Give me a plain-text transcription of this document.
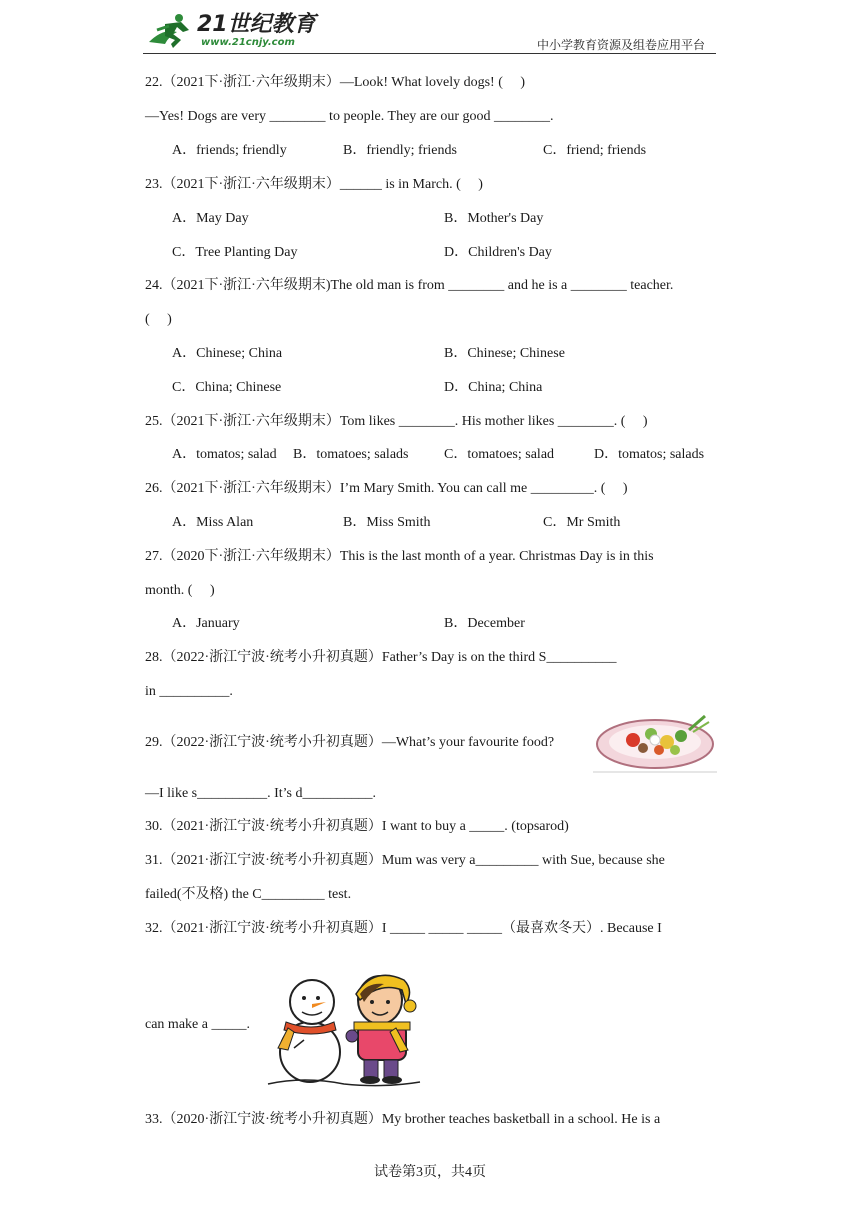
21世纪教育
www.21cnjy.com	中小学教育资源及组卷应用平台
22.（2021下·浙江·六年级期末）—Look! What lovely dogs! (　 )
—Yes! Dogs are very ________ to people. They are our good ________.
A．friends; friendly	B．friendly; friends	C．friend; friends
23.（2021下·浙江·六年级期末）______ is in March. (　 )
A．May Day	B．Mother's Day
C．Tree Planting Day	D．Children's Day
24.（2021下·浙江·六年级期末)The old man is from ________ and he is a ________ teacher.
(　 )
A．Chinese; China	B．Chinese; Chinese
C．China; Chinese	D．China; China
25.（2021下·浙江·六年级期末）Tom likes ________. His mother likes ________. (　 )
A．tomatos; salad B．tomatoes; salads	C．tomatoes; salad	D．tomatos; salads
26.（2021下·浙江·六年级期末）I’m Mary Smith. You can call me _________. (　 )
A．Miss Alan	B．Miss Smith	C．Mr Smith
27.（2020下·浙江·六年级期末）This is the last month of a year. Christmas Day is in this
month. (　 )
A．January	B．December
28.（2022·浙江宁波·统考小升初真题）Father’s Day is on the third S__________
in __________.
29.（2022·浙江宁波·统考小升初真题）—What’s your favourite food?
—I like s__________. It’s d__________.
30.（2021·浙江宁波·统考小升初真题）I want to buy a _____. (topsarod)
31.（2021·浙江宁波·统考小升初真题）Mum was very a_________ with Sue, because she
failed(不及格) the C_________ test.
32.（2021·浙江宁波·统考小升初真题）I _____ _____ _____（最喜欢冬天）. Because I
can make a _____.
33.（2020·浙江宁波·统考小升初真题）My brother teaches basketball in a school. He is a
试卷第3页，共4页
